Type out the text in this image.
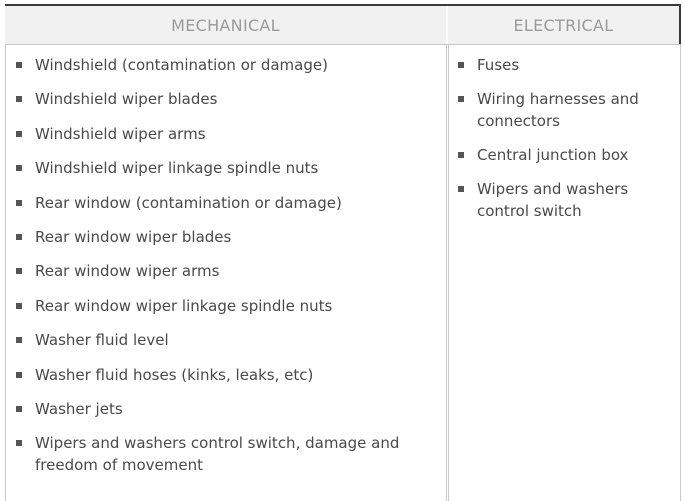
MECHANICAL	ELECTRICAL
Windshield (contamination or damage)
Windshield wiper blades
Windshield wiper arms
Windshield wiper linkage spindle nuts
Rear window (contamination or damage)
Rear window wiper blades
Rear window wiper arms
Rear window wiper linkage spindle nuts
Washer fluid level
Washer fluid hoses (kinks, leaks, etc)
Washer jets
Wipers and washers control switch, damage and freedom of movement
Fuses
Wiring harnesses and connectors
Central junction box
Wipers and washers control switch
